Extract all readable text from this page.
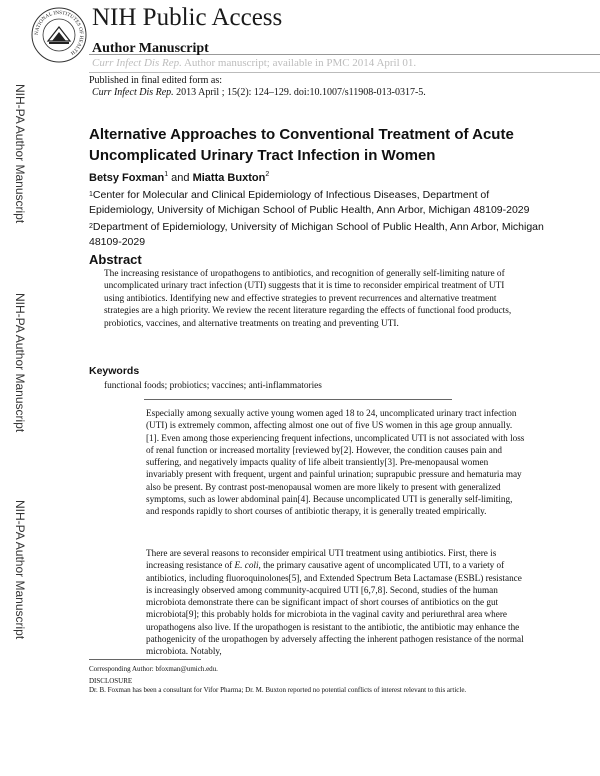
NATIONAL INSTITUTES OF HEALTH
NIH Public Access
Author Manuscript
Curr Infect Dis Rep. Author manuscript; available in PMC 2014 April 01.
Published in final edited form as:
Curr Infect Dis Rep. 2013 April ; 15(2): 124–129. doi:10.1007/s11908-013-0317-5.
NIH-PA Author Manuscript
NIH-PA Author Manuscript
NIH-PA Author Manuscript
Alternative Approaches to Conventional Treatment of Acute Uncomplicated Urinary Tract Infection in Women
Betsy Foxman$^1$ and Miatta Buxton$^2$
$^1$Center for Molecular and Clinical Epidemiology of Infectious Diseases, Department of Epidemiology, University of Michigan School of Public Health, Ann Arbor, Michigan 48109-2029
$^2$Department of Epidemiology, University of Michigan School of Public Health, Ann Arbor, Michigan 48109-2029
Abstract
The increasing resistance of uropathogens to antibiotics, and recognition of generally self-limiting nature of uncomplicated urinary tract infection (UTI) suggests that it is time to reconsider empirical treatment of UTI using antibiotics. Identifying new and effective strategies to prevent recurrences and alternative treatment strategies are a high priority. We review the recent literature regarding the effects of functional food products, probiotics, vaccines, and alternative treatments on treating and preventing UTI.
Keywords
functional foods; probiotics; vaccines; anti-inflammatories
Especially among sexually active young women aged 18 to 24, uncomplicated urinary tract infection (UTI) is extremely common, affecting almost one out of five US women in this age group annually. [1]. Even among those experiencing frequent infections, uncomplicated UTI is not associated with loss of renal function or increased mortality [reviewed by[2]. However, the condition causes pain and suffering, and negatively impacts quality of life albeit transiently[3]. Pre-menopausal women invariably present with frequent, urgent and painful urination; suprapubic pressure and hematuria may also be present. By contrast post-menopausal women are more likely to present with generalized symptoms, such as lower abdominal pain[4]. Because uncomplicated UTI is generally self-limiting, and responds rapidly to short courses of antibiotic therapy, it is generally treated empirically.
There are several reasons to reconsider empirical UTI treatment using antibiotics. First, there is increasing resistance of E. coli, the primary causative agent of uncomplicated UTI, to a variety of antibiotics, including fluoroquinolones[5], and Extended Spectrum Beta Lactamase (ESBL) resistance is increasingly observed among community-acquired UTI [6,7,8]. Second, studies of the human microbiota demonstrate there can be significant impact of short courses of antibiotics on the gut microbiota[9]; this probably holds for microbiota in the vaginal cavity and periurethral area where uropathogens also live. If the uropathogen is resistant to the antibiotic, the antibiotic may enhance the pathogenicity of the uropathogen by adversely affecting the inherent pathogen resistance of the normal microbiota. Notably,
Corresponding Author: bfoxman@umich.edu.
DISCLOSURE
Dr. B. Foxman has been a consultant for Vifor Pharma; Dr. M. Buxton reported no potential conflicts of interest relevant to this article.
